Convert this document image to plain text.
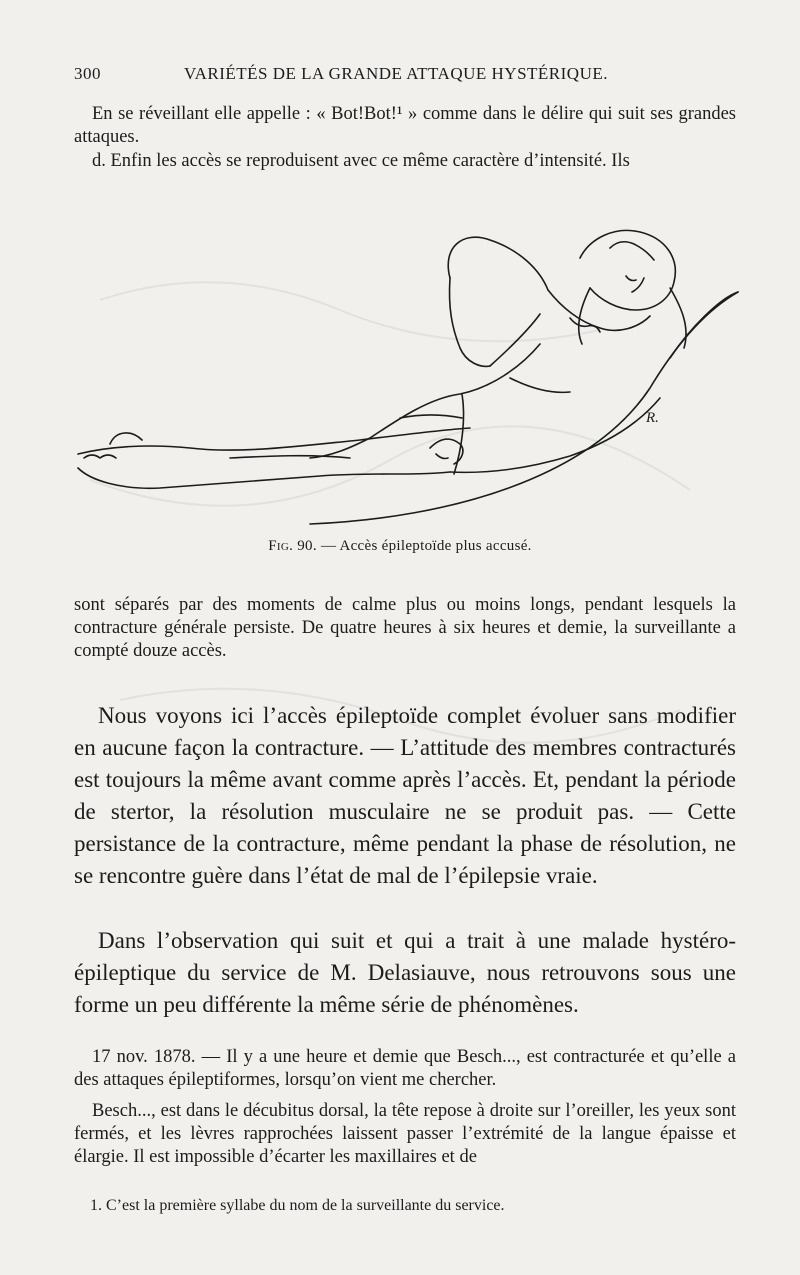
300	VARIÉTÉS DE LA GRANDE ATTAQUE HYSTÉRIQUE.
En se réveillant elle appelle : « Bot!Bot!¹ » comme dans le délire qui suit ses grandes attaques.
d. Enfin les accès se reproduisent avec ce même caractère d’intensité. Ils
R.
Fig. 90. — Accès épileptoïde plus accusé.
sont séparés par des moments de calme plus ou moins longs, pendant lesquels la contracture générale persiste. De quatre heures à six heures et demie, la surveillante a compté douze accès.
Nous voyons ici l’accès épileptoïde complet évoluer sans modifier en aucune façon la contracture. — L’attitude des membres contracturés est toujours la même avant comme après l’accès. Et, pendant la période de stertor, la résolution musculaire ne se produit pas. — Cette persistance de la contracture, même pendant la phase de résolution, ne se rencontre guère dans l’état de mal de l’épilepsie vraie.
Dans l’observation qui suit et qui a trait à une malade hystéro-épileptique du service de M. Delasiauve, nous retrouvons sous une forme un peu différente la même série de phénomènes.
17 nov. 1878. — Il y a une heure et demie que Besch..., est contracturée et qu’elle a des attaques épileptiformes, lorsqu’on vient me chercher.
Besch..., est dans le décubitus dorsal, la tête repose à droite sur l’oreiller, les yeux sont fermés, et les lèvres rapprochées laissent passer l’extrémité de la langue épaisse et élargie. Il est impossible d’écarter les maxillaires et de
1. C’est la première syllabe du nom de la surveillante du service.
